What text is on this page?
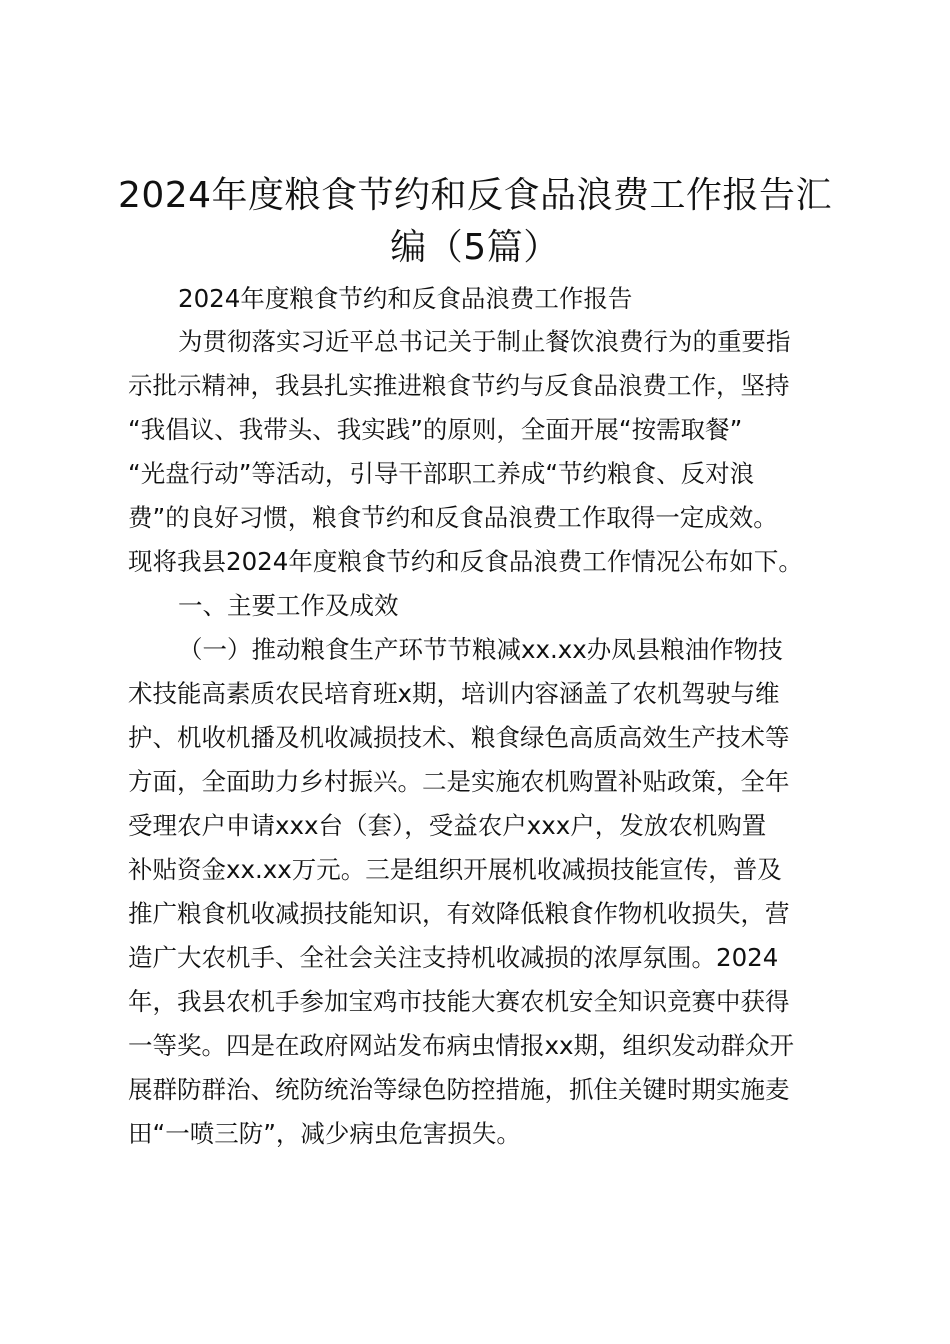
2024年度粮食节约和反食品浪费工作报告汇
编（5篇）

2024年度粮食节约和反食品浪费工作报告

为贯彻落实习近平总书记关于制止餐饮浪费行为的重要指

示批示精神，我县扎实推进粮食节约与反食品浪费工作，坚持

“我倡议、我带头、我实践”的原则，全面开展“按需取餐”

“光盘行动”等活动，引导干部职工养成“节约粮食、反对浪

费”的良好习惯，粮食节约和反食品浪费工作取得一定成效。

现将我县2024年度粮食节约和反食品浪费工作情况公布如下。

一、主要工作及成效

（一）推动粮食生产环节节粮减xx.xx办凤县粮油作物技

术技能高素质农民培育班x期，培训内容涵盖了农机驾驶与维

护、机收机播及机收减损技术、粮食绿色高质高效生产技术等

方面，全面助力乡村振兴。二是实施农机购置补贴政策，全年

受理农户申请xxx台（套），受益农户xxx户，发放农机购置

补贴资金xx.xx万元。三是组织开展机收减损技能宣传，普及

推广粮食机收减损技能知识，有效降低粮食作物机收损失，营

造广大农机手、全社会关注支持机收减损的浓厚氛围。2024

年，我县农机手参加宝鸡市技能大赛农机安全知识竞赛中获得

一等奖。四是在政府网站发布病虫情报xx期，组织发动群众开

展群防群治、统防统治等绿色防控措施，抓住关键时期实施麦

田“一喷三防”，减少病虫危害损失。
